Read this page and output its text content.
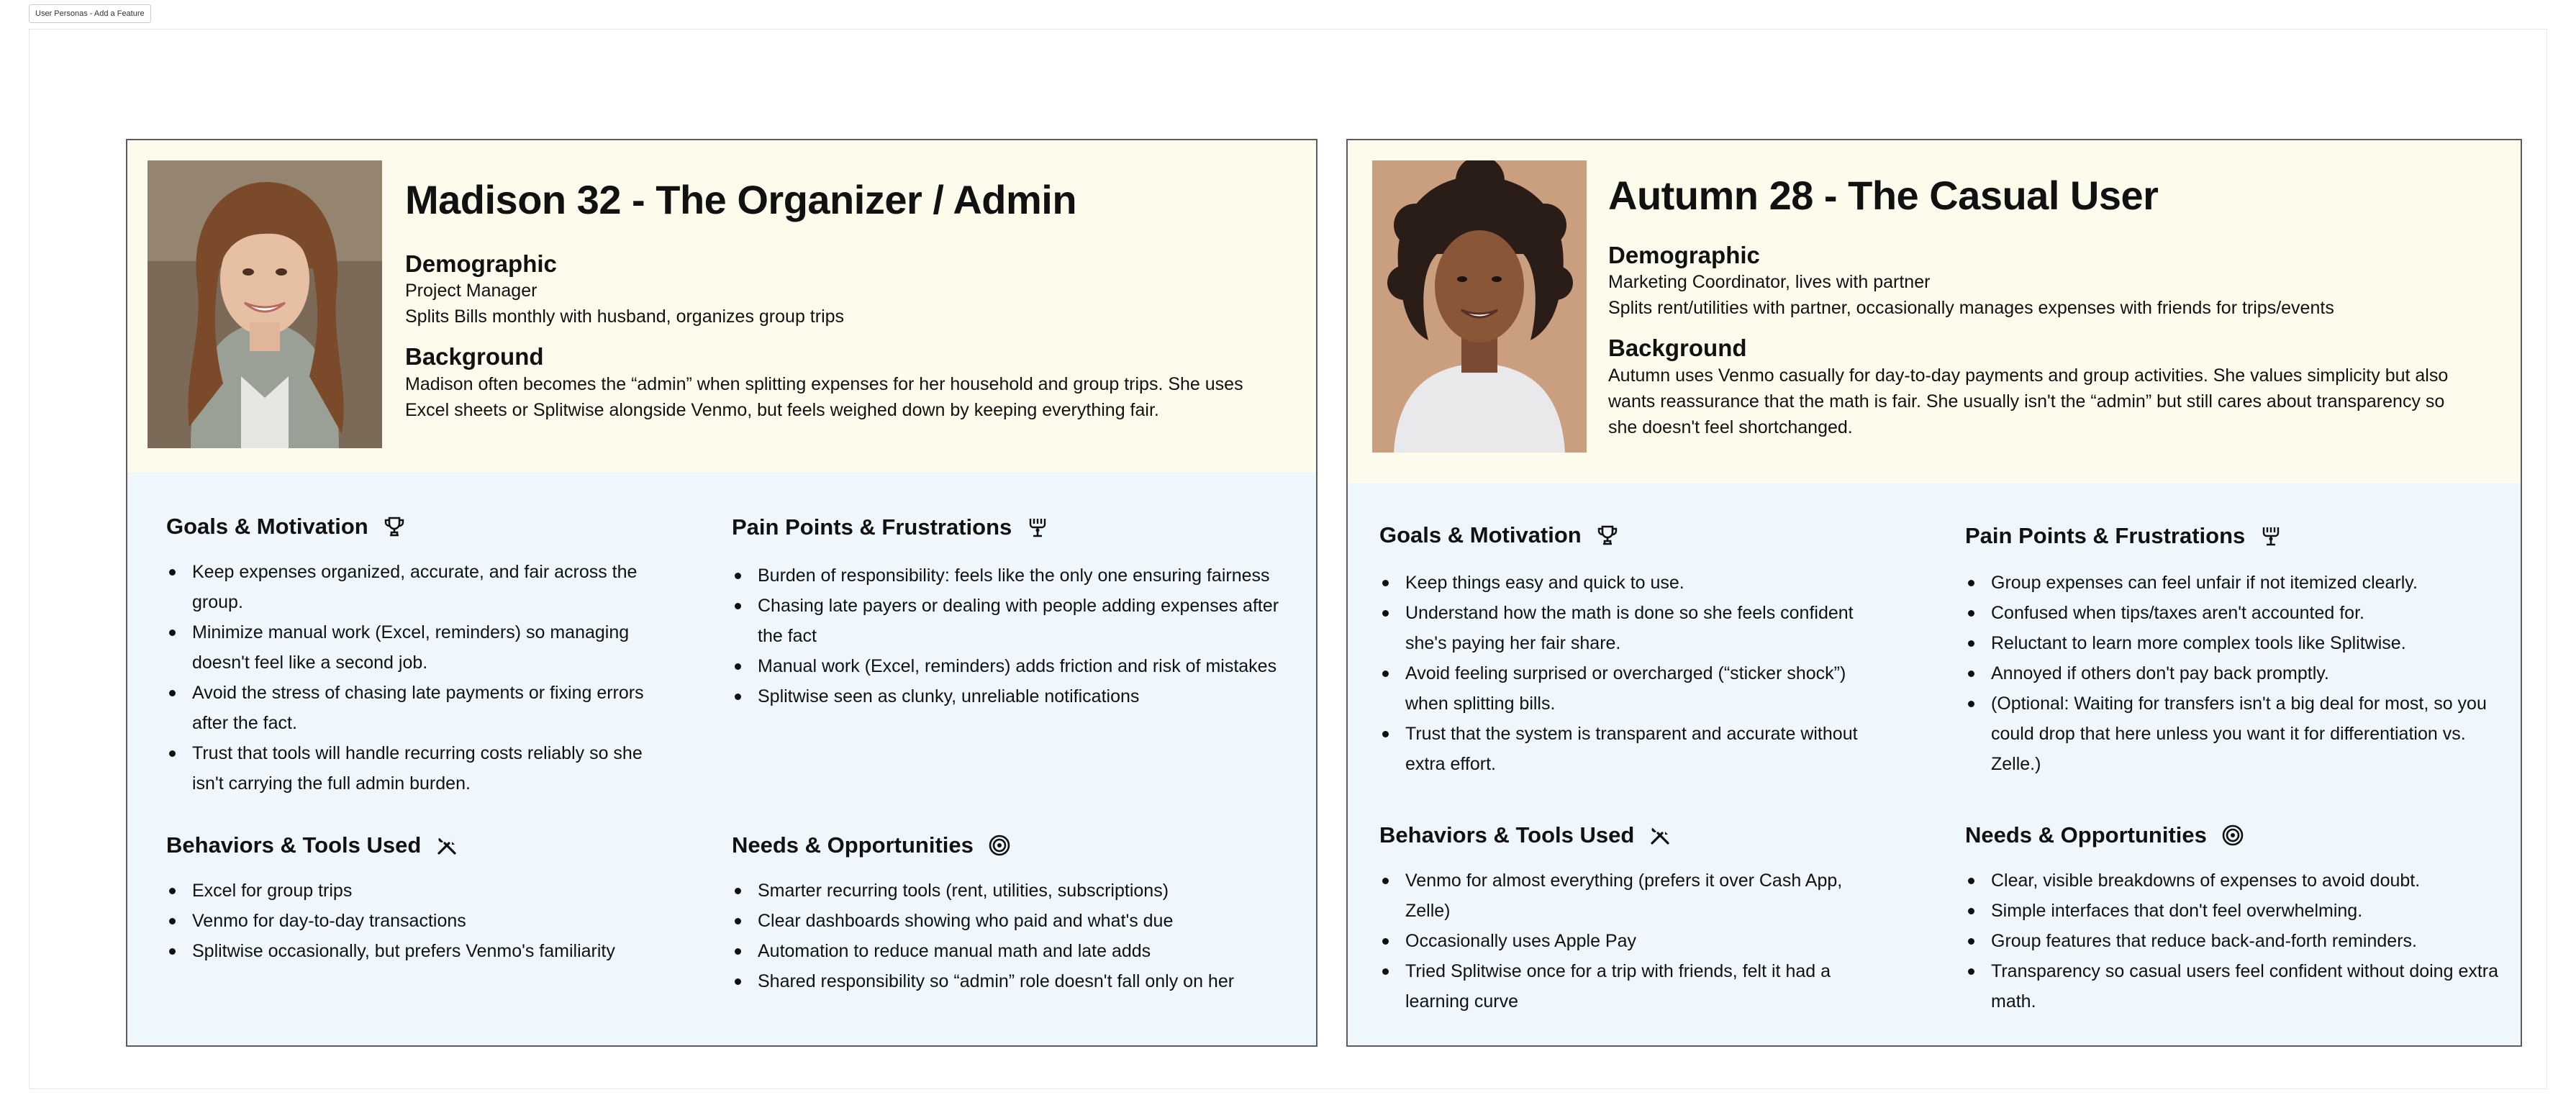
User Personas - Add a Feature
Madison 32 - The Organizer / Admin
Demographic
Project Manager
Splits Bills monthly with husband, organizes group trips
Background
Madison often becomes the “admin” when splitting expenses for her household and group trips. She uses
Excel sheets or Splitwise alongside Venmo, but feels weighed down by keeping everything fair.
Goals & Motivation
Keep expenses organized, accurate, and fair across the
group.
Minimize manual work (Excel, reminders) so managing
doesn't feel like a second job.
Avoid the stress of chasing late payments or fixing errors
after the fact.
Trust that tools will handle recurring costs reliably so she
isn't carrying the full admin burden.
Pain Points & Frustrations
Burden of responsibility: feels like the only one ensuring fairness
Chasing late payers or dealing with people adding expenses after
the fact
Manual work (Excel, reminders) adds friction and risk of mistakes
Splitwise seen as clunky, unreliable notifications
Behaviors & Tools Used
Excel for group trips
Venmo for day-to-day transactions
Splitwise occasionally, but prefers Venmo's familiarity
Needs & Opportunities
Smarter recurring tools (rent, utilities, subscriptions)
Clear dashboards showing who paid and what's due
Automation to reduce manual math and late adds
Shared responsibility so “admin” role doesn't fall only on her
Autumn 28 - The Casual User
Demographic
Marketing Coordinator, lives with partner
Splits rent/utilities with partner, occasionally manages expenses with friends for trips/events
Background
Autumn uses Venmo casually for day-to-day payments and group activities. She values simplicity but also
wants reassurance that the math is fair. She usually isn't the “admin” but still cares about transparency so
she doesn't feel shortchanged.
Goals & Motivation
Keep things easy and quick to use.
Understand how the math is done so she feels confident
she's paying her fair share.
Avoid feeling surprised or overcharged (“sticker shock”)
when splitting bills.
Trust that the system is transparent and accurate without
extra effort.
Pain Points & Frustrations
Group expenses can feel unfair if not itemized clearly.
Confused when tips/taxes aren't accounted for.
Reluctant to learn more complex tools like Splitwise.
Annoyed if others don't pay back promptly.
(Optional: Waiting for transfers isn't a big deal for most, so you
could drop that here unless you want it for differentiation vs. Zelle.)
Behaviors & Tools Used
Venmo for almost everything (prefers it over Cash App,
Zelle)
Occasionally uses Apple Pay
Tried Splitwise once for a trip with friends, felt it had a
learning curve
Needs & Opportunities
Clear, visible breakdowns of expenses to avoid doubt.
Simple interfaces that don't feel overwhelming.
Group features that reduce back-and-forth reminders.
Transparency so casual users feel confident without doing extra
math.
